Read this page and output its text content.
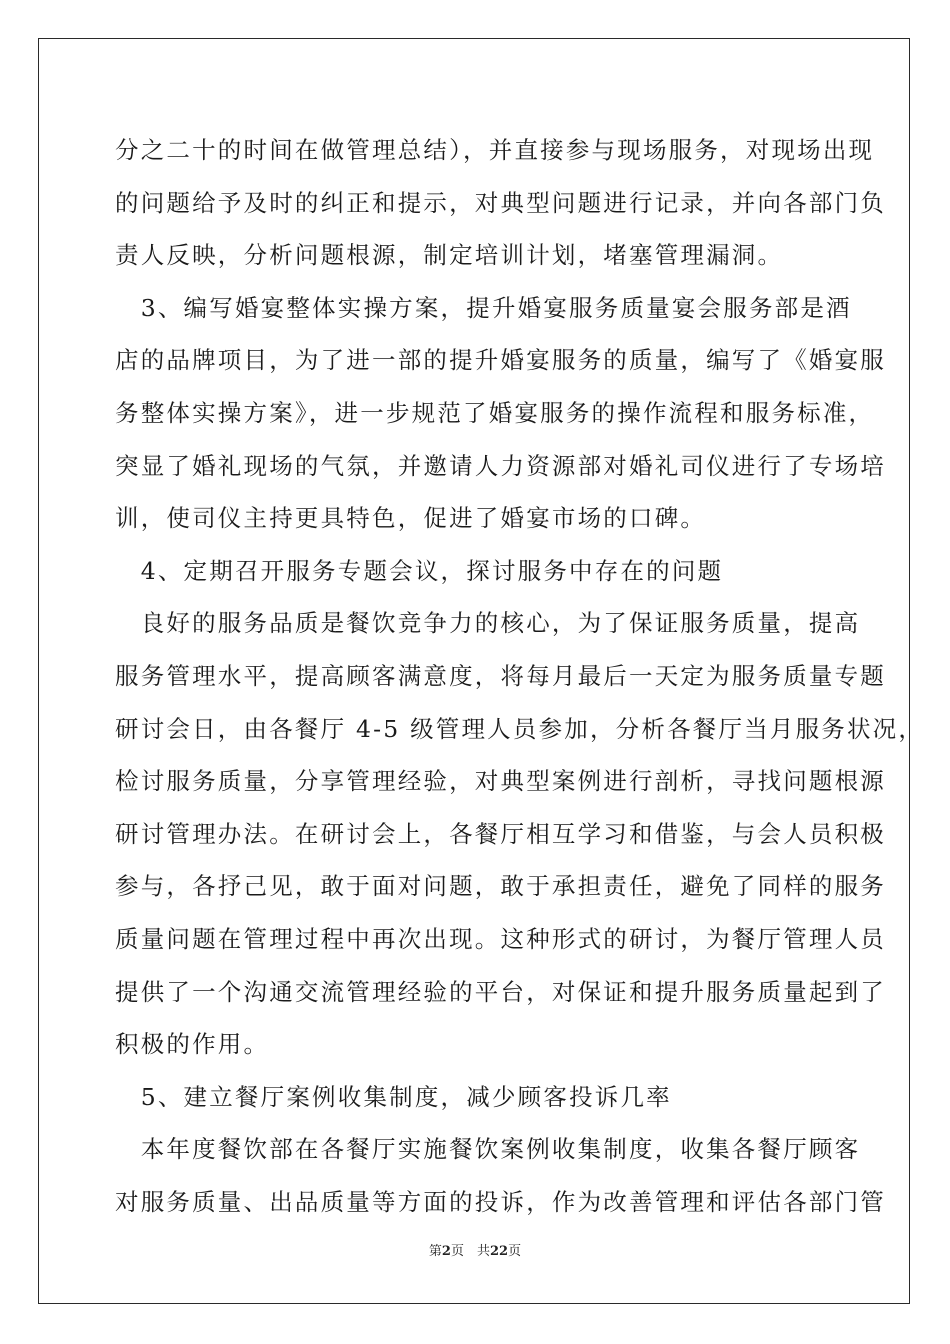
分之二十的时间在做管理总结），并直接参与现场服务，对现场出现
的问题给予及时的纠正和提示，对典型问题进行记录，并向各部门负
责人反映，分析问题根源，制定培训计划，堵塞管理漏洞。
　3、编写婚宴整体实操方案，提升婚宴服务质量宴会服务部是酒
店的品牌项目，为了进一部的提升婚宴服务的质量，编写了《婚宴服
务整体实操方案》，进一步规范了婚宴服务的操作流程和服务标准，
突显了婚礼现场的气氛，并邀请人力资源部对婚礼司仪进行了专场培
训，使司仪主持更具特色，促进了婚宴市场的口碑。
　4、定期召开服务专题会议，探讨服务中存在的问题
　良好的服务品质是餐饮竞争力的核心，为了保证服务质量，提高
服务管理水平，提高顾客满意度，将每月最后一天定为服务质量专题
研讨会日，由各餐厅 4-5 级管理人员参加，分析各餐厅当月服务状况，
检讨服务质量，分享管理经验，对典型案例进行剖析，寻找问题根源
研讨管理办法。在研讨会上，各餐厅相互学习和借鉴，与会人员积极
参与，各抒己见，敢于面对问题，敢于承担责任，避免了同样的服务
质量问题在管理过程中再次出现。这种形式的研讨，为餐厅管理人员
提供了一个沟通交流管理经验的平台，对保证和提升服务质量起到了
积极的作用。
　5、建立餐厅案例收集制度，减少顾客投诉几率
　本年度餐饮部在各餐厅实施餐饮案例收集制度，收集各餐厅顾客
对服务质量、出品质量等方面的投诉，作为改善管理和评估各部门管
第2页　共22页
